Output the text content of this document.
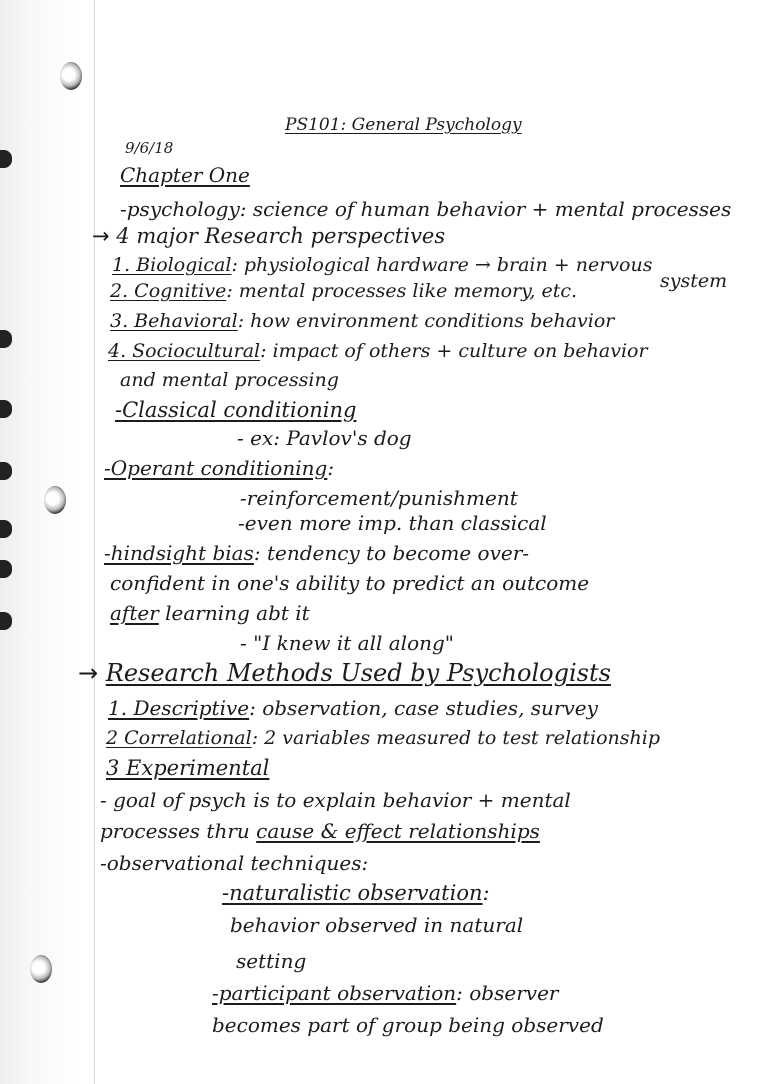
PS101: General Psychology
9/6/18
Chapter One
-psychology: science of human behavior + mental processes
→ 4 major Research perspectives
1. Biological: physiological hardware → brain + nervous
system
2. Cognitive: mental processes like memory, etc.
3. Behavioral: how environment conditions behavior
4. Sociocultural: impact of others + culture on behavior
and mental processing
-Classical conditioning
- ex: Pavlov's dog
-Operant conditioning:
-reinforcement/punishment
-even more imp. than classical
-hindsight bias: tendency to become over-
confident in one's ability to predict an outcome
after learning abt it
- "I knew it all along"
→ Research Methods Used by Psychologists
1. Descriptive: observation, case studies, survey
2 Correlational: 2 variables measured to test relationship
3 Experimental
- goal of psych is to explain behavior + mental
processes thru cause & effect relationships
-observational techniques:
-naturalistic observation:
behavior observed in natural
setting
-participant observation: observer
becomes part of group being observed
